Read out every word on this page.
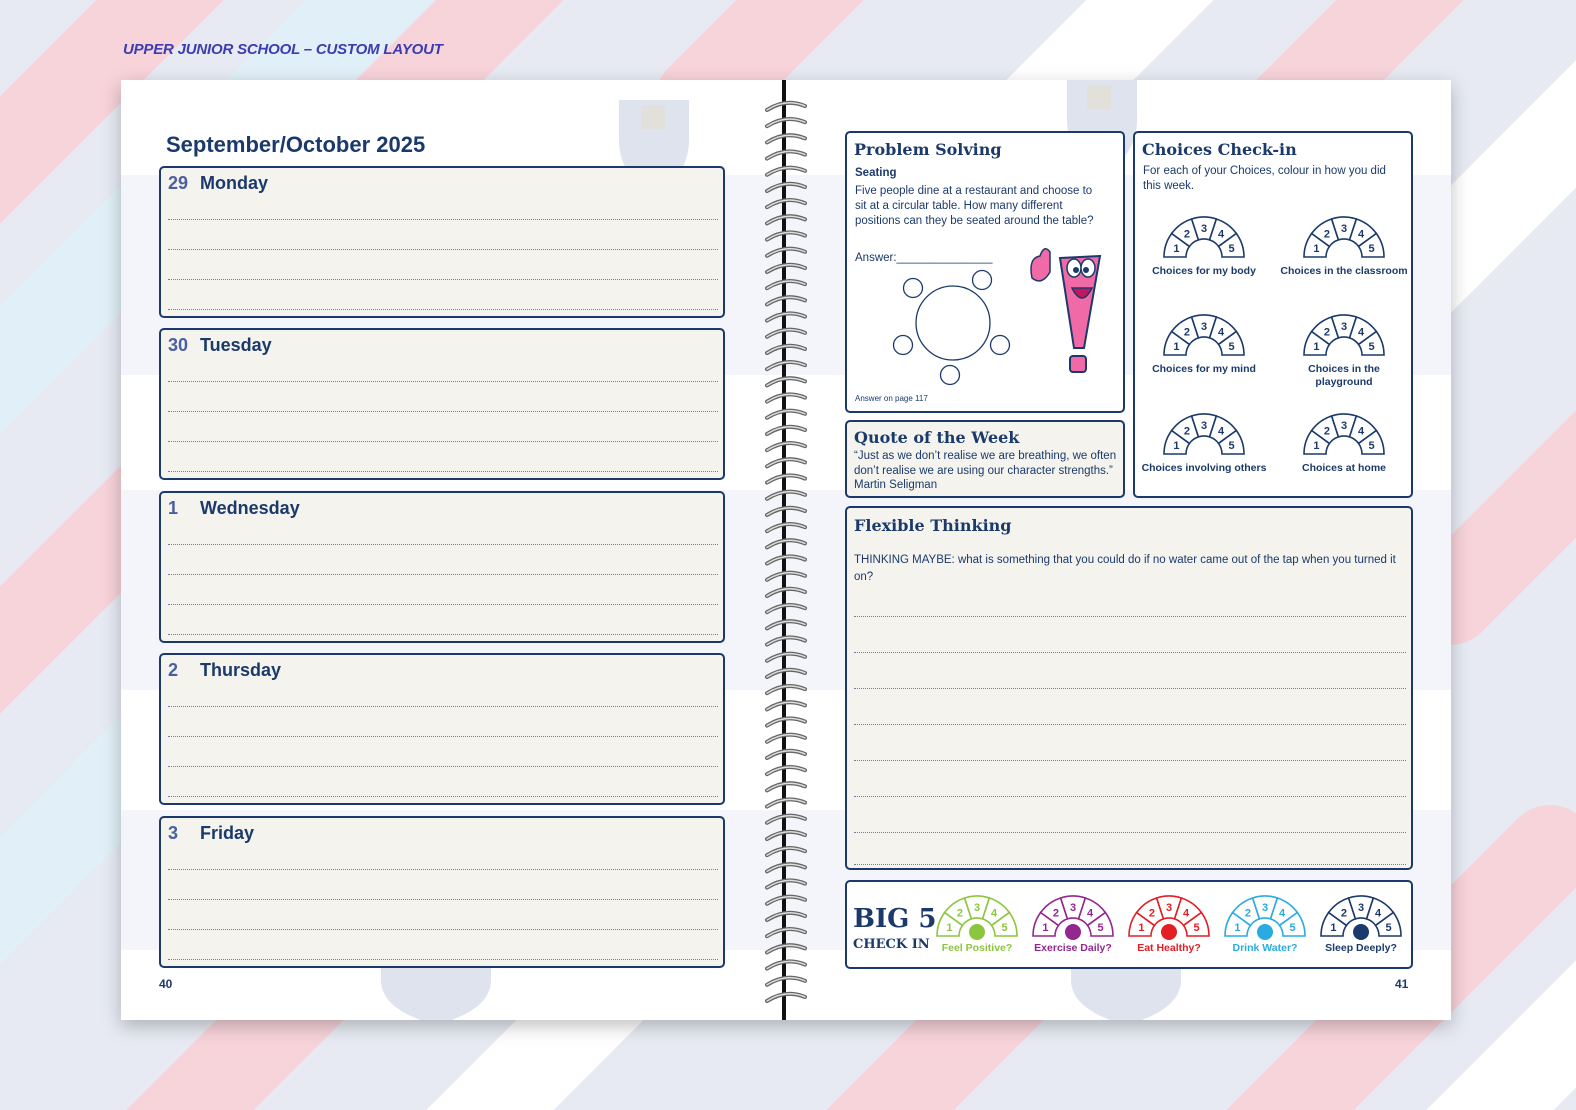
UPPER JUNIOR SCHOOL – CUSTOM LAYOUT
September/October 2025
29 Monday
30 Tuesday
1 Wednesday
2 Thursday
3 Friday
40
Problem Solving
Seating
Five people dine at a restaurant and choose to sit at a circular table. How many different positions can they be seated around the table?
Answer:_______________
Answer on page 117
Quote of the Week
“Just as we don’t realise we are breathing, we often don’t realise we are using our character strengths.” Martin Seligman
Choices Check-in
For each of your Choices, colour in how you did this week.
1
2 3 4
5
Choices for my body
1
2 3 4
5
Choices in the classroom
1
2 3 4
5
Choices for my mind
1
2 3 4
5
Choices in the playground
1
2 3 4
5
Choices involving others
1
2 3 4
5
Choices at home
Flexible Thinking
THINKING MAYBE: what is something that you could do if no water came out of the tap when you turned it on?
BIG 5
CHECK IN
1
2 3 4
5
Feel Positive?
1
2 3 4
5
Exercise Daily?
1
2 3 4
5
Eat Healthy?
1
2 3 4
5
Drink Water?
1
2 3 4
5
Sleep Deeply?
41
